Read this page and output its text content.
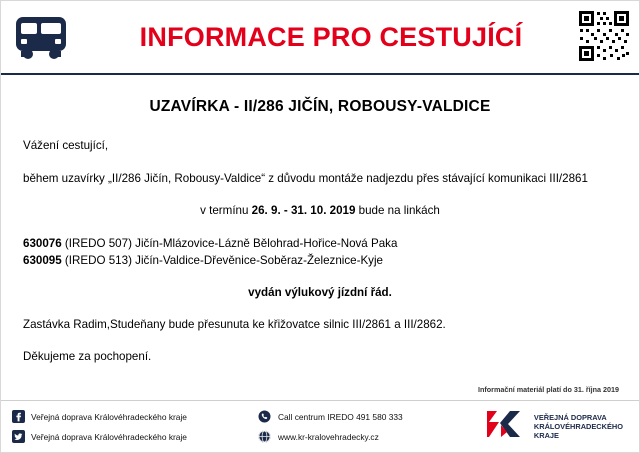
INFORMACE PRO CESTUJÍCÍ
UZAVÍRKA - II/286 JIČÍN, ROBOUSY-VALDICE

Vážení cestující,

během uzavírky „II/286 Jičín, Robousy-Valdice“ z důvodu montáže nadjezdu přes stávající komunikaci III/2861

v termínu 26. 9. - 31. 10. 2019 bude na linkách

630076 (IREDO 507) Jičín-Mlázovice-Lázně Bělohrad-Hořice-Nová Paka
630095 (IREDO 513) Jičín-Valdice-Dřevěnice-Soběraz-Železnice-Kyje

vydán výlukový jízdní řád.

Zastávka Radim,Studeňany bude přesunuta ke křižovatce silnic III/2861 a III/2862.

Děkujeme za pochopení.

Informační materiál platí do 31. října 2019
Veřejná doprava Královéhradeckého kraje
Veřejná doprava Královéhradeckého kraje
Call centrum IREDO 491 580 333
www.kr-kralovehradecky.cz
VEŘEJNÁ DOPRAVA
KRÁLOVÉHRADECKÉHO
KRAJE
